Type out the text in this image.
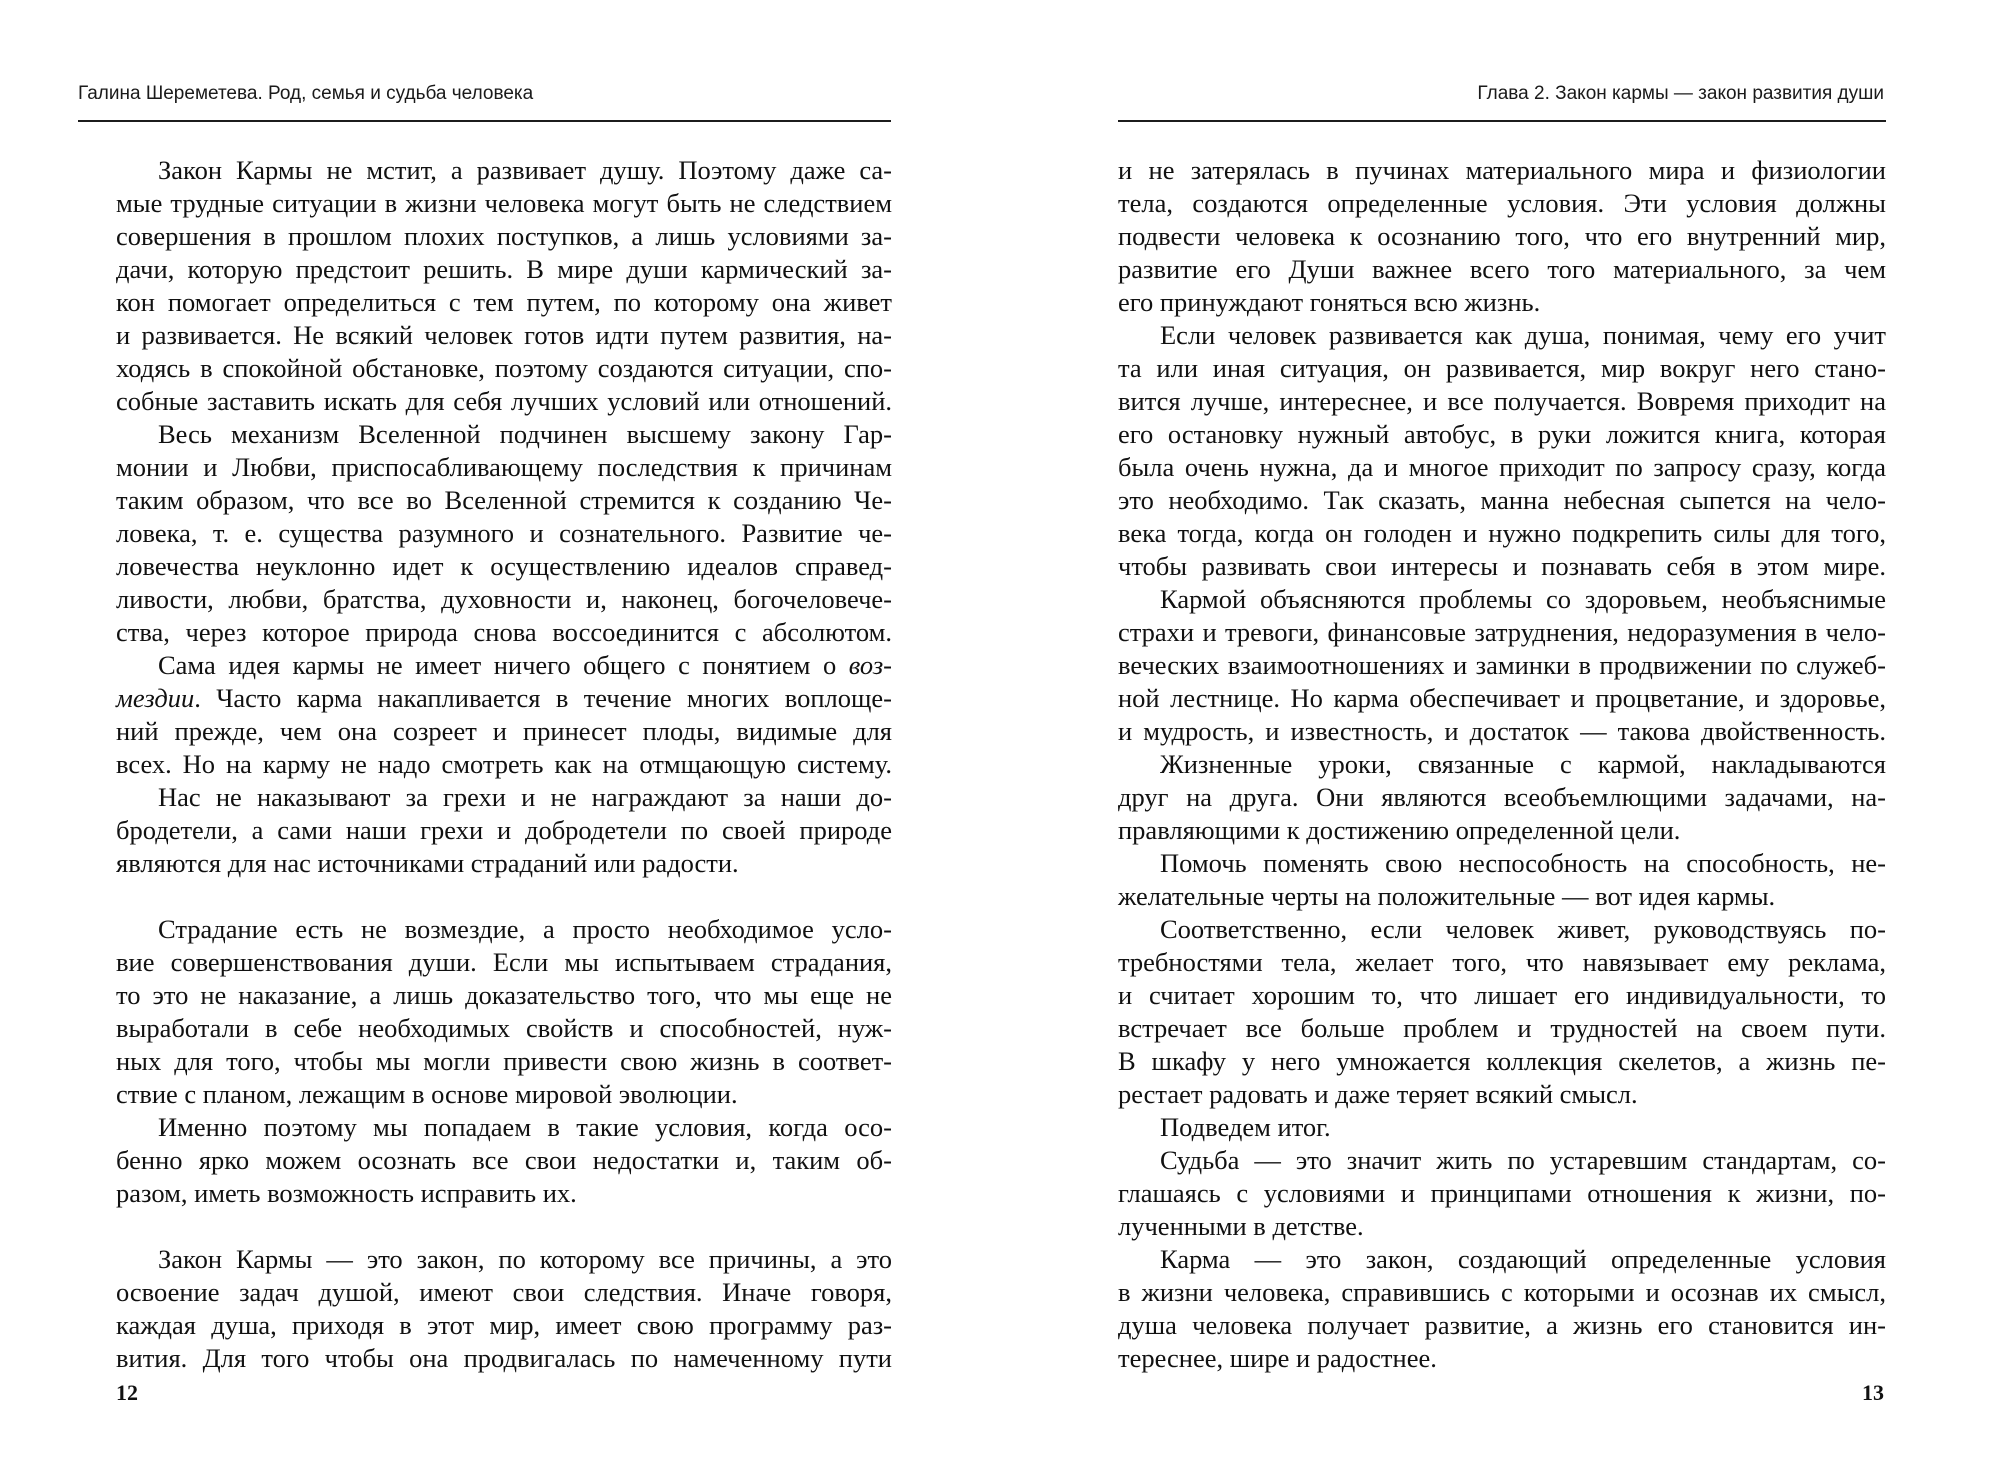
Галина Шереметева. Род, семья и судьба человека
Закон Кармы не мстит, а развивает душу. Поэтому даже са-
мые трудные ситуации в жизни человека могут быть не следствием
совершения в прошлом плохих поступков, а лишь условиями за-
дачи, которую предстоит решить. В мире души кармический за-
кон помогает определиться с тем путем, по которому она живет
и развивается. Не всякий человек готов идти путем развития, на-
ходясь в спокойной обстановке, поэтому создаются ситуации, спо-
собные заставить искать для себя лучших условий или отношений.
Весь механизм Вселенной подчинен высшему закону Гар-
монии и Любви, приспосабливающему последствия к причинам
таким образом, что все во Вселенной стремится к созданию Че-
ловека, т. е. существа разумного и сознательного. Развитие че-
ловечества неуклонно идет к осуществлению идеалов справед-
ливости, любви, братства, духовности и, наконец, богочеловече-
ства, через которое природа снова воссоединится с абсолютом.
Сама идея кармы не имеет ничего общего с понятием о воз-
мездии. Часто карма накапливается в течение многих воплоще-
ний прежде, чем она созреет и принесет плоды, видимые для
всех. Но на карму не надо смотреть как на отмщающую систему.
Нас не наказывают за грехи и не награждают за наши до-
бродетели, а сами наши грехи и добродетели по своей природе
являются для нас источниками страданий или радости.
Страдание есть не возмездие, а просто необходимое усло-
вие совершенствования души. Если мы испытываем страдания,
то это не наказание, а лишь доказательство того, что мы еще не
выработали в себе необходимых свойств и способностей, нуж-
ных для того, чтобы мы могли привести свою жизнь в соответ-
ствие с планом, лежащим в основе мировой эволюции.
Именно поэтому мы попадаем в такие условия, когда осо-
бенно ярко можем осознать все свои недостатки и, таким об-
разом, иметь возможность исправить их.
Закон Кармы — это закон, по которому все причины, а это
освоение задач душой, имеют свои следствия. Иначе говоря,
каждая душа, приходя в этот мир, имеет свою программу раз-
вития. Для того чтобы она продвигалась по намеченному пути
12
Глава 2. Закон кармы — закон развития души
и не затерялась в пучинах материального мира и физиологии
тела, создаются определенные условия. Эти условия должны
подвести человека к осознанию того, что его внутренний мир,
развитие его Души важнее всего того материального, за чем
его принуждают гоняться всю жизнь.
Если человек развивается как душа, понимая, чему его учит
та или иная ситуация, он развивается, мир вокруг него стано-
вится лучше, интереснее, и все получается. Вовремя приходит на
его остановку нужный автобус, в руки ложится книга, которая
была очень нужна, да и многое приходит по запросу сразу, когда
это необходимо. Так сказать, манна небесная сыпется на чело-
века тогда, когда он голоден и нужно подкрепить силы для того,
чтобы развивать свои интересы и познавать себя в этом мире.
Кармой объясняются проблемы со здоровьем, необъяснимые
страхи и тревоги, финансовые затруднения, недоразумения в чело-
веческих взаимоотношениях и заминки в продвижении по служеб-
ной лестнице. Но карма обеспечивает и процветание, и здоровье,
и мудрость, и известность, и достаток — такова двойственность.
Жизненные уроки, связанные с кармой, накладываются
друг на друга. Они являются всеобъемлющими задачами, на-
правляющими к достижению определенной цели.
Помочь поменять свою неспособность на способность, не-
желательные черты на положительные — вот идея кармы.
Соответственно, если человек живет, руководствуясь по-
требностями тела, желает того, что навязывает ему реклама,
и считает хорошим то, что лишает его индивидуальности, то
встречает все больше проблем и трудностей на своем пути.
В шкафу у него умножается коллекция скелетов, а жизнь пе-
рестает радовать и даже теряет всякий смысл.
Подведем итог.
Судьба — это значит жить по устаревшим стандартам, со-
глашаясь с условиями и принципами отношения к жизни, по-
лученными в детстве.
Карма — это закон, создающий определенные условия
в жизни человека, справившись с которыми и осознав их смысл,
душа человека получает развитие, а жизнь его становится ин-
тереснее, шире и радостнее.
13
